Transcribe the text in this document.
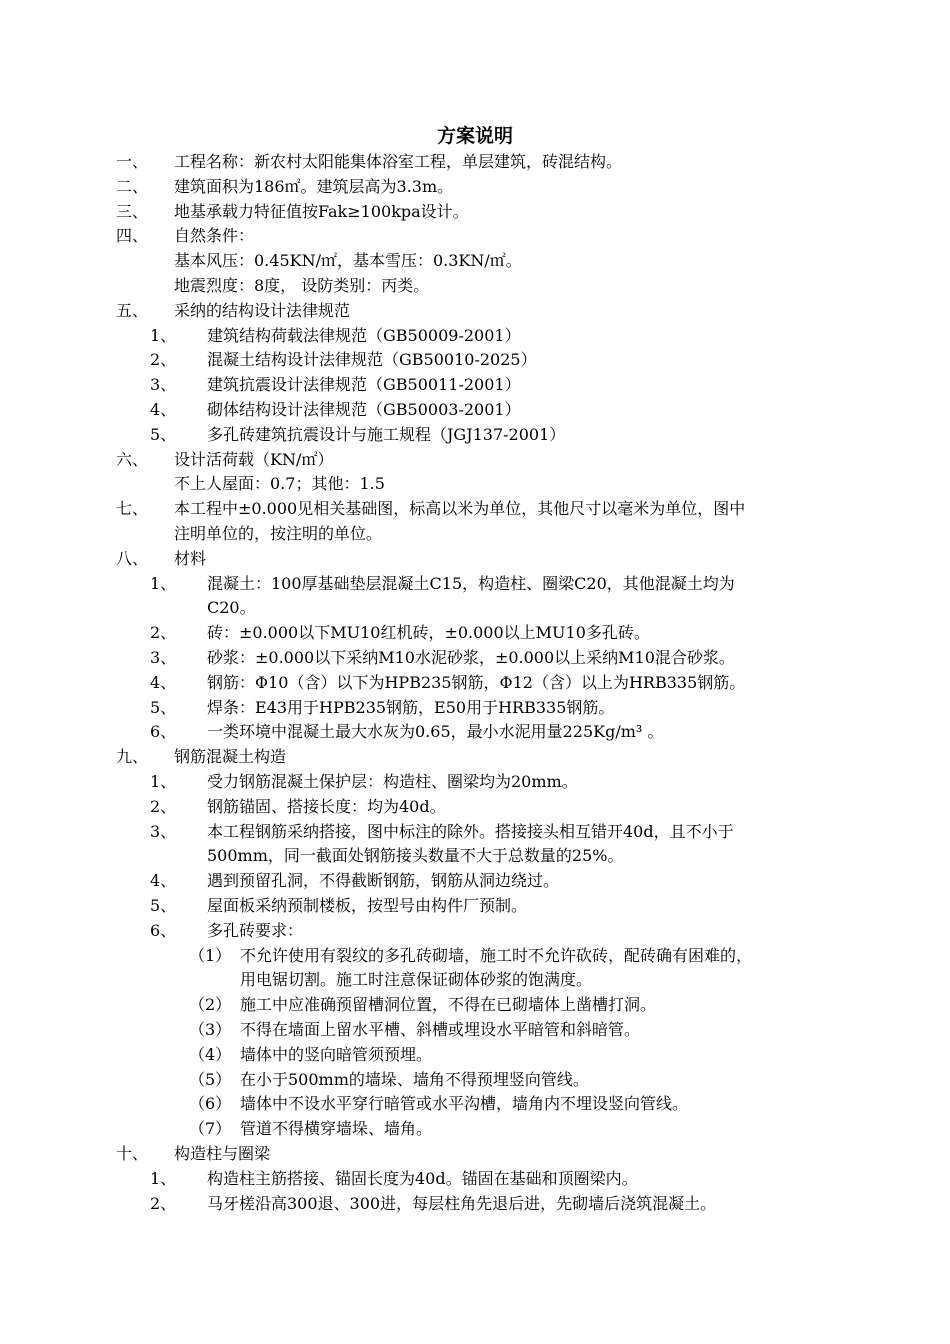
方案说明
一、 工程名称：新农村太阳能集体浴室工程，单层建筑，砖混结构。
二、 建筑面积为186㎡。建筑层高为3.3m。
三、 地基承载力特征值按Fak≥100kpa设计。
四、 自然条件：
基本风压：0.45KN/㎡，基本雪压：0.3KN/㎡。
地震烈度：8度， 设防类别：丙类。
五、 采纳的结构设计法律规范
1、 建筑结构荷载法律规范（GB50009-2001）
2、 混凝土结构设计法律规范（GB50010-2025）
3、 建筑抗震设计法律规范（GB50011-2001）
4、 砌体结构设计法律规范（GB50003-2001）
5、 多孔砖建筑抗震设计与施工规程（JGJ137-2001）
六、 设计活荷载（KN/㎡）
不上人屋面：0.7；其他：1.5
七、 本工程中±0.000见相关基础图，标高以米为单位，其他尺寸以毫米为单位，图中
注明单位的，按注明的单位。
八、 材料
1、 混凝土：100厚基础垫层混凝土C15，构造柱、圈梁C20，其他混凝土均为
C20。
2、 砖：±0.000以下MU10红机砖，±0.000以上MU10多孔砖。
3、 砂浆：±0.000以下采纳M10水泥砂浆，±0.000以上采纳M10混合砂浆。
4、 钢筋：Φ10（含）以下为HPB235钢筋，Φ12（含）以上为HRB335钢筋。
5、 焊条：E43用于HPB235钢筋，E50用于HRB335钢筋。
6、 一类环境中混凝土最大水灰为0.65，最小水泥用量225Kg/m³ 。
九、 钢筋混凝土构造
1、 受力钢筋混凝土保护层：构造柱、圈梁均为20mm。
2、 钢筋锚固、搭接长度：均为40d。
3、 本工程钢筋采纳搭接，图中标注的除外。搭接接头相互错开40d，且不小于
500mm，同一截面处钢筋接头数量不大于总数量的25%。
4、 遇到预留孔洞，不得截断钢筋，钢筋从洞边绕过。
5、 屋面板采纳预制楼板，按型号由构件厂预制。
6、 多孔砖要求：
（1） 不允许使用有裂纹的多孔砖砌墙，施工时不允许砍砖，配砖确有困难的，
用电锯切割。施工时注意保证砌体砂浆的饱满度。
（2） 施工中应准确预留槽洞位置，不得在已砌墙体上凿槽打洞。
（3） 不得在墙面上留水平槽、斜槽或埋设水平暗管和斜暗管。
（4） 墙体中的竖向暗管须预埋。
（5） 在小于500mm的墙垛、墙角不得预埋竖向管线。
（6） 墙体中不设水平穿行暗管或水平沟槽，墙角内不埋设竖向管线。
（7） 管道不得横穿墙垛、墙角。
十、 构造柱与圈梁
1、 构造柱主筋搭接、锚固长度为40d。锚固在基础和顶圈梁内。
2、 马牙槎沿高300退、300进，每层柱角先退后进，先砌墙后浇筑混凝土。
